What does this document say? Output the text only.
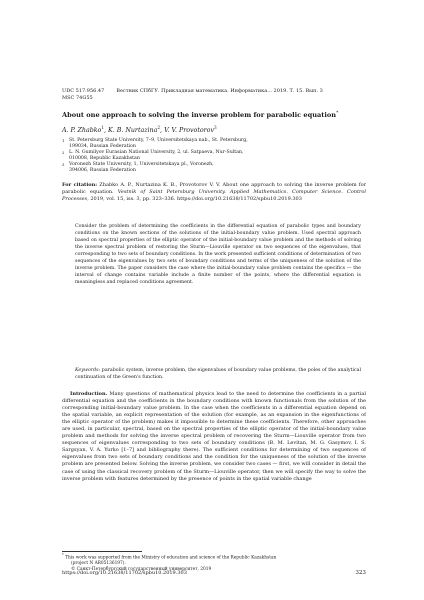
UDC 517.956.47 Вестник СПбГУ. Прикладная математика. Информатика... 2019. Т. 15. Вып. 3
MSC 74G55
About one approach to solving the inverse problem for parabolic equation*
A. P. Zhabko$^1$, K. B. Nurtazina$^2$, V. V. Provotorov$^3$
1 St. Petersburg State University, 7–9, Universitetskaya nab., St. Petersburg,
199034, Russian Federation
2 L. N. Gumilyov Eurasian National University, 2, ul. Satpaeva, Nur-Sultan,
010008, Republic Kazakhstan
3 Voronezh State University, 1, Universitetskaya pl., Voronezh,
394006, Russian Federation
For citation: Zhabko A. P., Nurtazina K. B., Provotorov V. V. About one approach to solving the inverse problem for parabolic equation. Vestnik of Saint Petersburg University. Applied Mathematics. Computer Science. Control Processes, 2019, vol. 15, iss. 3, pp. 323–336. https://doi.org/10.21638/11702/spbu10.2019.303
Consider the problem of determining the coefficients in the differential equation of parabolic types and boundary conditions on the known sections of the solutions of the initial-boundary value problem. Used spectral approach based on spectral properties of the elliptic operator of the initial-boundary value problem and the methods of solving the inverse spectral problem of restoring the Sturm—Liouville operator on two sequences of the eigenvalues, that corresponding to two sets of boundary conditions. In the work presented sufficient conditions of determination of two sequences of the eigenvalues by two sets of boundary conditions and terms of the uniqueness of the solution of the inverse problem. The paper considers the case where the initial-boundary value problem contains the specifics — the interval of change contains variable include a finite number of the points, where the differential equation is meaningless and replaced conditions agreement.
Keywords: parabolic system, inverse problem, the eigenvalues of boundary value problems, the poles of the analytical continuation of the Green's function.
Introduction. Many questions of mathematical physics lead to the need to determine the coefficients in a partial differential equation and the coefficients in the boundary conditions with known functionals from the solution of the corresponding initial-boundary value problem. In the case when the coefficients in a differential equation depend on the spatial variable, an explicit representation of the solution (for example, as an expansion in the eigenfunctions of the elliptic operator of the problem) makes it impossible to determine these coefficients. Therefore, other approaches are used, in particular, spectral, based on the spectral properties of the elliptic operator of the initial-boundary value problem and methods for solving the inverse spectral problem of recovering the Sturm—Liouville operator from two sequences of eigenvalues corresponding to two sets of boundary conditions (B. M. Levitan, M. G. Gasymov, I. S. Sargsyan, V. A. Yurko [1–7] and bibliography there). The sufficient conditions for determining of two sequences of eigenvalues from two sets of boundary conditions and the condition for the uniqueness of the solution of the inverse problem are presented below. Solving the inverse problem, we consider two cases — first, we will consider in detail the case of using the classical recovery problem of the Sturm—Liouville operator, then we will specify the way to solve the inverse problem with features determined by the presence of points in the spatial variable change
* This work was supported from the Ministry of education and science of the Republic Kazakhstan
(project N AR05136197).
© Санкт-Петербургский государственный университет, 2019
https://doi.org/10.21638/11702/spbu10.2019.303	323
